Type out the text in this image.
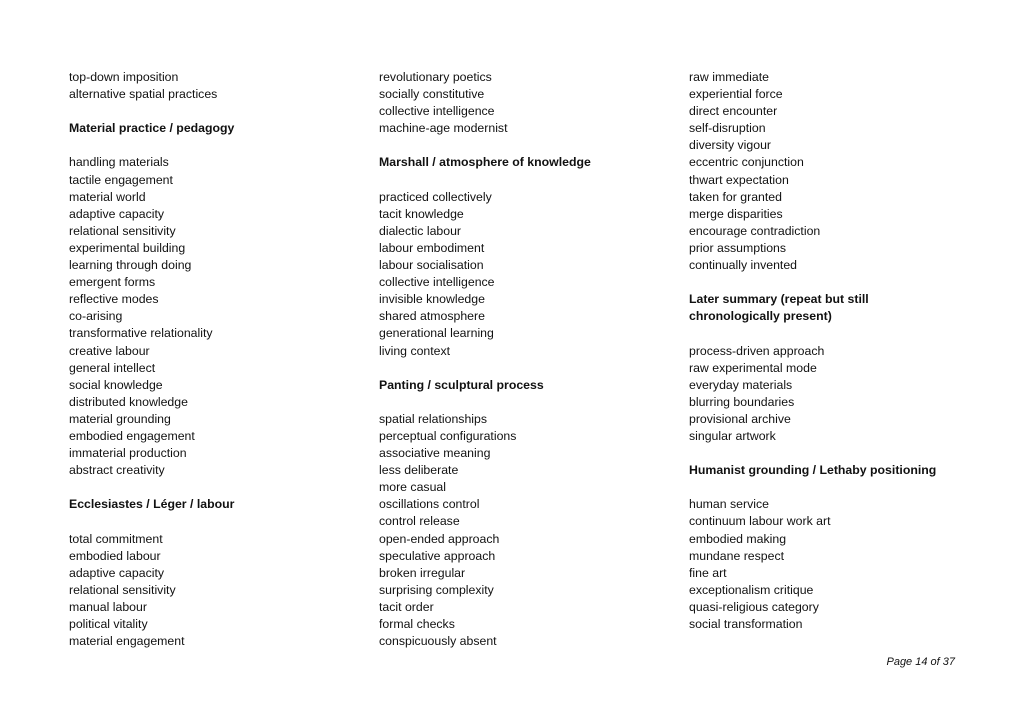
top-down imposition
alternative spatial practices
Material practice / pedagogy
handling materials
tactile engagement
material world
adaptive capacity
relational sensitivity
experimental building
learning through doing
emergent forms
reflective modes
co-arising
transformative relationality
creative labour
general intellect
social knowledge
distributed knowledge
material grounding
embodied engagement
immaterial production
abstract creativity
Ecclesiastes / Léger / labour
total commitment
embodied labour
adaptive capacity
relational sensitivity
manual labour
political vitality
material engagement
revolutionary poetics
socially constitutive
collective intelligence
machine-age modernist
Marshall / atmosphere of knowledge
practiced collectively
tacit knowledge
dialectic labour
labour embodiment
labour socialisation
collective intelligence
invisible knowledge
shared atmosphere
generational learning
living context
Panting / sculptural process
spatial relationships
perceptual configurations
associative meaning
less deliberate
more casual
oscillations control
control release
open-ended approach
speculative approach
broken irregular
surprising complexity
tacit order
formal checks
conspicuously absent
raw immediate
experiential force
direct encounter
self-disruption
diversity vigour
eccentric conjunction
thwart expectation
taken for granted
merge disparities
encourage contradiction
prior assumptions
continually invented
Later summary (repeat but still
chronologically present)
process-driven approach
raw experimental mode
everyday materials
blurring boundaries
provisional archive
singular artwork
Humanist grounding / Lethaby positioning
human service
continuum labour work art
embodied making
mundane respect
fine art
exceptionalism critique
quasi-religious category
social transformation
Page 14 of 37
